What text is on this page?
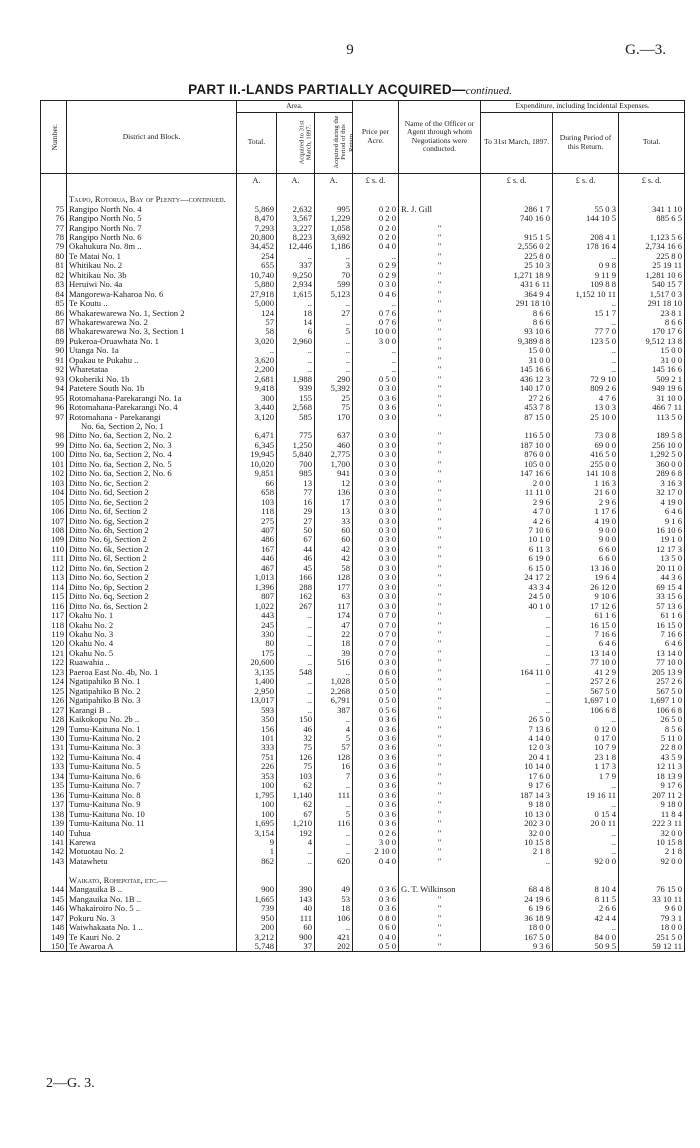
9	G.—3.
PART II.-LANDS PARTIALLY ACQUIRED—continued.
Number.	District and Block.	Area.			Price per Acre.	Name of the Officer or Agent through whom Negotiations were conducted.	Expenditure, including Incidental Expenses.		
		Total.	Acquired to 31st March, 1897.	Acquired during the Period of this Return.			To 31st March, 1897.	During Period of this Return.	Total.
		A.	A.	A.	£ s. d.		£ s. d.	£ s. d.	£ s. d.
	Taupo, Rotorua, Bay of Plenty—continued.								
75	Rangipo North No. 4	5,869	2,632	995	0 2 0	R. J. Gill	286 1 7	55 0 3	341 1 10
76	Rangipo North No. 5	8,470	3,567	1,229	0 2 0		740 16 0	144 10 5	885 6 5
77	Rangipo North No. 7	7,293	3,227	1,058	0 2 0	"			
78	Rangipo North No. 6	20,800	8,223	3,692	0 2 0	"	915 1 5	208 4 1	1,123 5 6
79	Okahukura No. 8m ..	34,452	12,446	1,186	0 4 0	"	2,556 0 2	178 16 4	2,734 16 6
80	Te Matai No. 1	254	..	..	..	"	225 8 0	..	225 8 0
81	Whitikau No. 2	655	337	3	0 2 9	"	25 10 3	0 9 8	25 19 11
82	Whitikau No. 3b	10,740	9,250	70	0 2 9	"	1,271 18 9	9 11 9	1,281 10 6
83	Heruiwi No. 4a	5,880	2,934	599	0 3 0	"	431 6 11	109 8 8	540 15 7
84	Mangorewa-Kaharoa No. 6	27,918	1,615	5,123	0 4 6	"	364 9 4	1,152 10 11	1,517 0 3
85	Te Koutu ..	5,000	..	..	..	"	291 18 10	..	291 18 10
86	Whakarewarewa No. 1, Section 2	124	18	27	0 7 6	"	8 6 6	15 1 7	23 8 1
87	Whakarewarewa No. 2	57	14	..	0 7 6	"	8 6 6	..	8 6 6
88	Whakarewarewa No. 3, Section 1	58	6	5	10 0 0	"	93 10 6	77 7 0	170 17 6
89	Pukeroa-Oruawhata No. 1	3,020	2,960	..	3 0 0	"	9,389 8 8	123 5 0	9,512 13 8
90	Utanga No. 1a	..	..	..	..	"	15 0 0	..	15 0 0
91	Opakau te Pukahu ..	3,620	..	..	..	"	31 0 0	..	31 0 0
92	Wharetataa	2,200	..	..	..	"	145 16 6	..	145 16 6
93	Okoheriki No. 1b	2,681	1,988	290	0 5 0	"	436 12 3	72 9 10	509 2 1
94	Patetere South No. 1b	9,418	939	5,392	0 3 0	"	140 17 0	809 2 6	949 19 6
95	Rotomahana-Parekarangi No. 1a	300	155	25	0 3 6	"	27 2 6	4 7 6	31 10 0
96	Rotomahana-Parekarangi No. 4	3,440	2,568	75	0 3 6	"	453 7 8	13 0 3	466 7 11
97	Rotomahana - Parekarangi	3,120	585	170	0 3 0	"	87 15 0	25 10 0	113 5 0
	No. 6a, Section 2, No. 1								
98	Ditto No. 6a, Section 2, No. 2	6,471	775	637	0 3 0	"	116 5 0	73 0 8	189 5 8
99	Ditto No. 6a, Section 2, No. 3	6,345	1,250	460	0 3 0	"	187 10 0	69 0 0	256 10 0
100	Ditto No. 6a, Section 2, No. 4	19,945	5,840	2,775	0 3 0	"	876 0 0	416 5 0	1,292 5 0
101	Ditto No. 6a, Section 2, No. 5	10,020	700	1,700	0 3 0	"	105 0 0	255 0 0	360 0 0
102	Ditto No. 6a, Section 2, No. 6	9,851	985	941	0 3 0	"	147 16 6	141 10 8	289 6 8
103	Ditto No. 6c, Section 2	66	13	12	0 3 0	"	2 0 0	1 16 3	3 16 3
104	Ditto No. 6d, Section 2	658	77	136	0 3 0	"	11 11 0	21 6 0	32 17 0
105	Ditto No. 6e, Section 2	103	16	17	0 3 0	"	2 9 6	2 9 6	4 19 0
106	Ditto No. 6f, Section 2	118	29	13	0 3 0	"	4 7 0	1 17 6	6 4 6
107	Ditto No. 6g, Section 2	275	27	33	0 3 0	"	4 2 6	4 19 0	9 1 6
108	Ditto No. 6h, Section 2	407	50	60	0 3 0	"	7 10 6	9 0 0	16 10 6
109	Ditto No. 6j, Section 2	486	67	60	0 3 0	"	10 1 0	9 0 0	19 1 0
110	Ditto No. 6k, Section 2	167	44	42	0 3 0	"	6 11 3	6 6 0	12 17 3
111	Ditto No. 6l, Section 2	446	46	42	0 3 0	"	6 19 0	6 6 0	13 5 0
112	Ditto No. 6n, Section 2	467	45	58	0 3 0	"	6 15 0	13 16 0	20 11 0
113	Ditto No. 6o, Section 2	1,013	166	128	0 3 0	"	24 17 2	19 6 4	44 3 6
114	Ditto No. 6p, Section 2	1,396	288	177	0 3 0	"	43 3 4	26 12 0	69 15 4
115	Ditto No. 6q, Section 2	807	162	63	0 3 0	"	24 5 0	9 10 6	33 15 6
116	Ditto No. 6s, Section 2	1,022	267	117	0 3 0	"	40 1 0	17 12 6	57 13 6
117	Okahu No. 1	443	..	174	0 7 0	"	..	61 1 6	61 1 6
118	Okahu No. 2	245	..	47	0 7 0	"	..	16 15 0	16 15 0
119	Okahu No. 3	330	..	22	0 7 0	"	..	7 16 6	7 16 6
120	Okahu No. 4	80	..	18	0 7 0	"	..	6 4 6	6 4 6
121	Okahu No. 5	175	..	39	0 7 0	"	..	13 14 0	13 14 0
122	Ruawahia ..	20,600	..	516	0 3 0	"	..	77 10 0	77 10 0
123	Paeroa East No. 4b, No. 1	3,135	548	..	0 6 0	"	164 11 0	41 2 9	205 13 9
124	Ngatipahiko B No. 1	1,400	..	1,028	0 5 0	"	..	257 2 6	257 2 6
125	Ngatipahiko B No. 2	2,950	..	2,268	0 5 0	"	..	567 5 0	567 5 0
126	Ngatipahiko B No. 3	13,017	..	6,791	0 5 0	"	..	1,697 1 0	1,697 1 0
127	Karangi B ..	593	..	387	0 5 6	"	..	106 6 8	106 6 8
128	Kaikokopu No. 2b ..	350	150	..	0 3 6	"	26 5 0	..	26 5 0
129	Tumu-Kaituna No. 1	156	46	4	0 3 6	"	7 13 6	0 12 0	8 5 6
130	Tumu-Kaituna No. 2	101	32	5	0 3 6	"	4 14 0	0 17 0	5 11 0
131	Tumu-Kaituna No. 3	333	75	57	0 3 6	"	12 0 3	10 7 9	22 8 0
132	Tumu-Kaituna No. 4	751	126	128	0 3 6	"	20 4 1	23 1 8	43 5 9
133	Tumu-Kaituna No. 5	226	75	16	0 3 6	"	10 14 0	1 17 3	12 11 3
134	Tumu-Kaituna No. 6	353	103	7	0 3 6	"	17 6 0	1 7 9	18 13 9
135	Tumu-Kaituna No. 7	100	62	..	0 3 6	"	9 17 6	..	9 17 6
136	Tumu-Kaituna No. 8	1,795	1,140	111	0 3 6	"	187 14 3	19 16 11	207 11 2
137	Tumu-Kaituna No. 9	100	62	..	0 3 6	"	9 18 0	..	9 18 0
138	Tumu-Kaituna No. 10	100	67	5	0 3 6	"	10 13 0	0 15 4	11 8 4
139	Tumu-Kaituna No. 11	1,695	1,210	116	0 3 6	"	202 3 0	20 0 11	222 3 11
140	Tuhua	3,154	192	..	0 2 6	"	32 0 0	..	32 0 0
141	Karewa	9	4	..	3 0 0	"	10 15 8	..	10 15 8
142	Motuotau No. 2	1	..	..	2 10 0	"	2 1 8	..	2 1 8
143	Matawhetu	862	..	620	0 4 0	"	..	92 0 0	92 0 0
	Waikato, Rohepotae, etc.—								
144	Mangauika B ..	900	390	49	0 3 6	G. T. Wilkinson	68 4 8	8 10 4	76 15 0
145	Mangauika No. 1B ..	1,665	143	53	0 3 6	"	24 19 6	8 11 5	33 10 11
146	Whakairoiro No. 5 ..	739	40	18	0 3 6	"	6 19 6	2 6 6	9 6 0
147	Pokuru No. 3	950	111	106	0 8 0	"	36 18 9	42 4 4	79 3 1
148	Waiwhakaata No. 1 ..	200	60	..	0 6 0	"	18 0 0	..	18 0 0
149	Te Kauri No. 2	3,212	900	421	0 4 0	"	167 5 0	84 0 0	251 5 0
150	Te Awaroa A	5,748	37	202	0 5 0	"	9 3 6	50 9 5	59 12 11
2—G. 3.
